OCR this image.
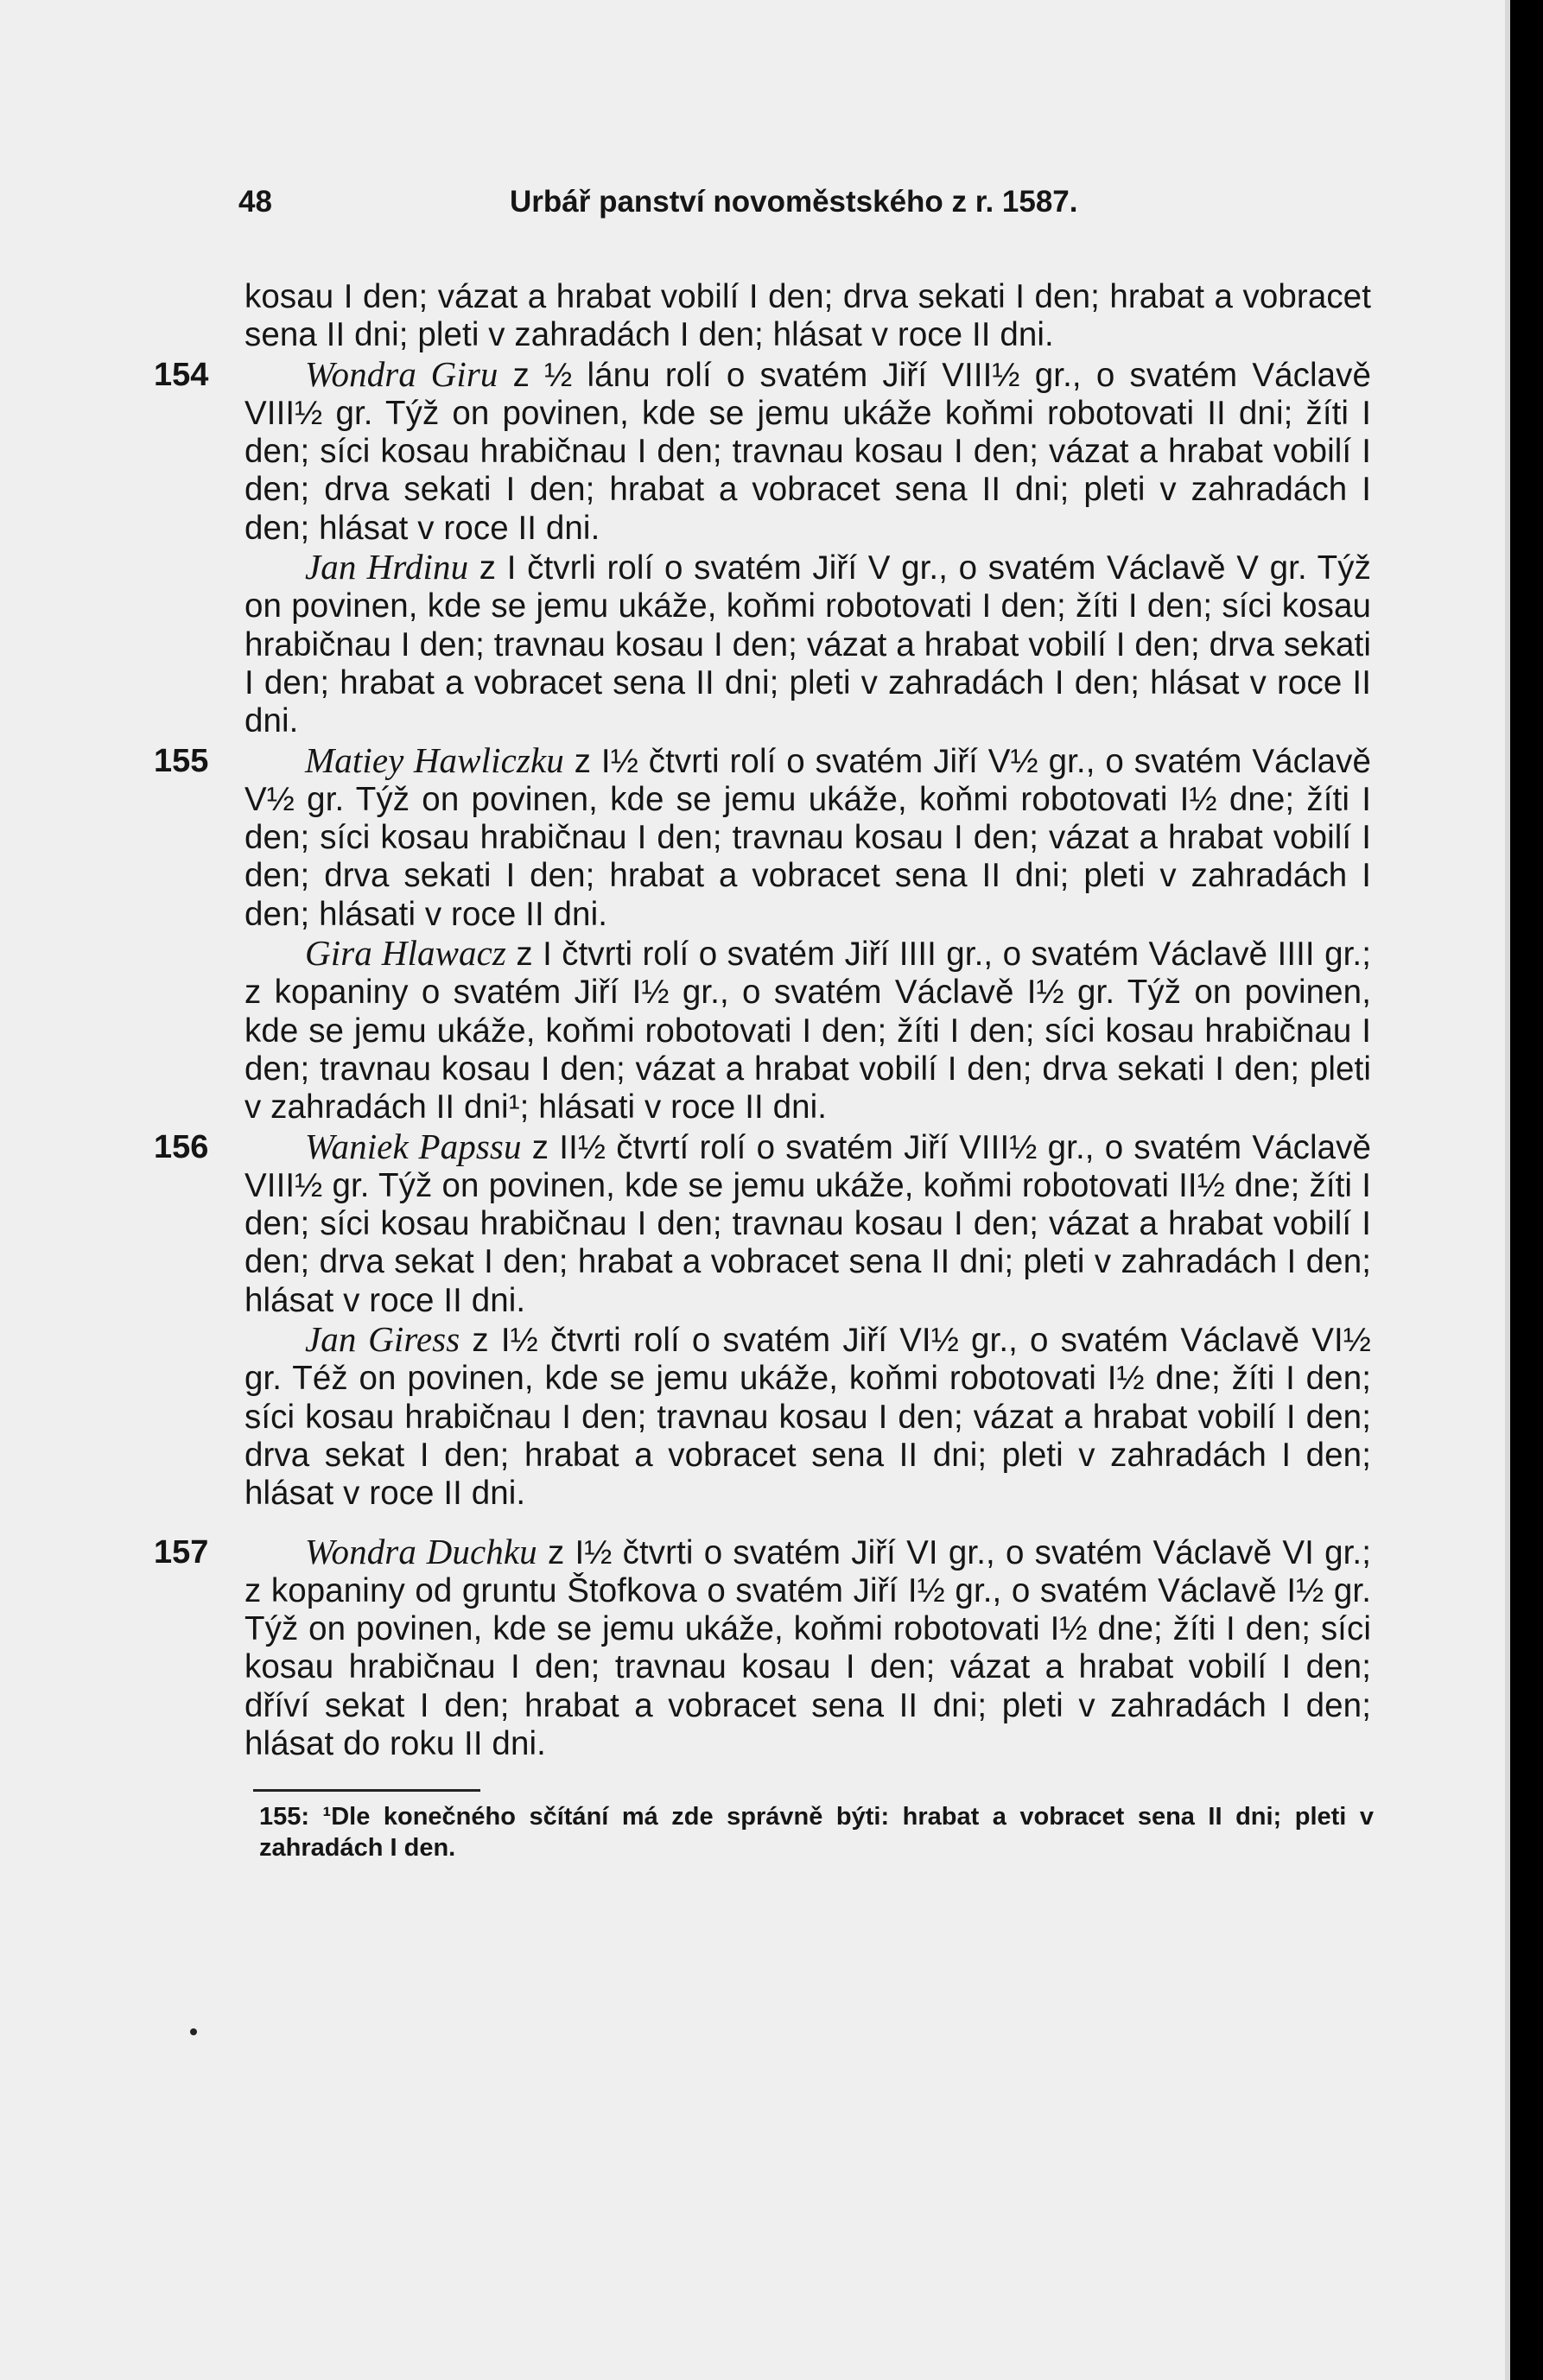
48	Urbář panství novoměstského z r. 1587.
154
155
156
157

kosau I den; vázat a hrabat vobilí I den; drva sekati I den; hrabat a vobracet sena II dni; pleti v zahradách I den; hlásat v roce II dni.

Wondra Giru z ½ lánu rolí o svatém Jiří VIII½ gr., o svatém Václavě VIII½ gr. Týž on povinen, kde se jemu ukáže koňmi robotovati II dni; žíti I den; síci kosau hrabičnau I den; travnau kosau I den; vázat a hrabat vobilí I den; drva sekati I den; hrabat a vobracet sena II dni; pleti v zahradách I den; hlásat v roce II dni.

Jan Hrdinu z I čtvrli rolí o svatém Jiří V gr., o svatém Václavě V gr. Týž on povinen, kde se jemu ukáže, koňmi robotovati I den; žíti I den; síci kosau hrabičnau I den; travnau kosau I den; vázat a hrabat vobilí I den; drva sekati I den; hrabat a vobracet sena II dni; pleti v zahradách I den; hlásat v roce II dni.

Matiey Hawliczku z I½ čtvrti rolí o svatém Jiří V½ gr., o svatém Václavě V½ gr. Týž on povinen, kde se jemu ukáže, koňmi robotovati I½ dne; žíti I den; síci kosau hrabičnau I den; travnau kosau I den; vázat a hrabat vobilí I den; drva sekati I den; hrabat a vobracet sena II dni; pleti v zahradách I den; hlásati v roce II dni.

Gira Hlawacz z I čtvrti rolí o svatém Jiří IIII gr., o svatém Václavě IIII gr.; z kopaniny o svatém Jiří I½ gr., o svatém Václavě I½ gr. Týž on povinen, kde se jemu ukáže, koňmi robotovati I den; žíti I den; síci kosau hrabičnau I den; travnau kosau I den; vázat a hrabat vobilí I den; drva sekati I den; pleti v zahradách II dni¹; hlásati v roce II dni.

Waniek Papssu z II½ čtvrtí rolí o svatém Jiří VIII½ gr., o svatém Václavě VIII½ gr. Týž on povinen, kde se jemu ukáže, koňmi robotovati II½ dne; žíti I den; síci kosau hrabičnau I den; travnau kosau I den; vázat a hrabat vobilí I den; drva sekat I den; hrabat a vobracet sena II dni; pleti v zahradách I den; hlásat v roce II dni.

Jan Giress z I½ čtvrti rolí o svatém Jiří VI½ gr., o svatém Václavě VI½ gr. Též on povinen, kde se jemu ukáže, koňmi robotovati I½ dne; žíti I den; síci kosau hrabičnau I den; travnau kosau I den; vázat a hrabat vobilí I den; drva sekat I den; hrabat a vobracet sena II dni; pleti v zahradách I den; hlásat v roce II dni.

Wondra Duchku z I½ čtvrti o svatém Jiří VI gr., o svatém Václavě VI gr.; z kopaniny od gruntu Štofkova o svatém Jiří I½ gr., o svatém Václavě I½ gr. Týž on povinen, kde se jemu ukáže, koňmi robotovati I½ dne; žíti I den; síci kosau hrabičnau I den; travnau kosau I den; vázat a hrabat vobilí I den; dříví sekat I den; hrabat a vobracet sena II dni; pleti v zahradách I den; hlásat do roku II dni.

155: ¹Dle konečného sčítání má zde správně býti: hrabat a vobracet sena II dni; pleti v zahradách I den.
